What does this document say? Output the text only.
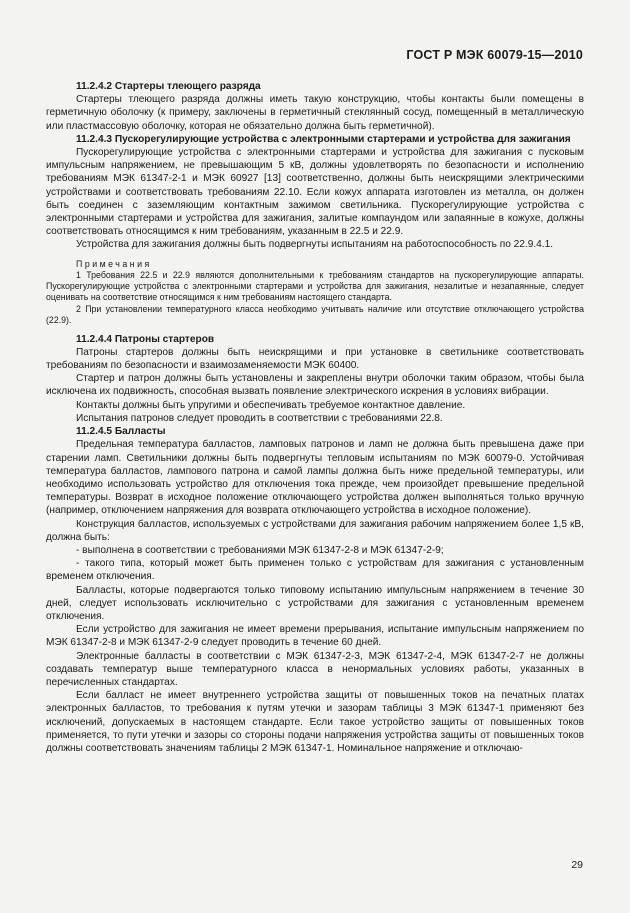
ГОСТ Р МЭК 60079-15—2010

11.2.4.2 Стартеры тлеющего разряда

Стартеры тлеющего разряда должны иметь такую конструкцию, чтобы контакты были помещены в герметичную оболочку (к примеру, заключены в герметичный стеклянный сосуд, помещенный в металлическую или пластмассовую оболочку, которая не обязательно должна быть герметичной).

11.2.4.3 Пускорегулирующие устройства с электронными стартерами и устройства для зажигания

Пускорегулирующие устройства с электронными стартерами и устройства для зажигания с пусковым импульсным напряжением, не превышающим 5 кВ, должны удовлетворять по безопасности и исполнению требованиям МЭК 61347-2-1 и МЭК 60927 [13] соответственно, должны быть неискрящими электрическими устройствами и соответствовать требованиям 22.10. Если кожух аппарата изготовлен из металла, он должен быть соединен с заземляющим контактным зажимом светильника. Пускорегулирующие устройства с электронными стартерами и устройства для зажигания, залитые компаундом или запаянные в кожухе, должны соответствовать относящимся к ним требованиям, указанным в 22.5 и 22.9.

Устройства для зажигания должны быть подвергнуты испытаниям на работоспособность по 22.9.4.1.

Примечания

1 Требования 22.5 и 22.9 являются дополнительными к требованиям стандартов на пускорегулирующие аппараты. Пускорегулирующие устройства с электронными стартерами и устройства для зажигания, незалитые и незапаянные, следует оценивать на соответствие относящимся к ним требованиям настоящего стандарта.

2 При установлении температурного класса необходимо учитывать наличие или отсутствие отключающего устройства (22.9).

11.2.4.4 Патроны стартеров

Патроны стартеров должны быть неискрящими и при установке в светильнике соответствовать требованиям по безопасности и взаимозаменяемости МЭК 60400.

Стартер и патрон должны быть установлены и закреплены внутри оболочки таким образом, чтобы была исключена их подвижность, способная вызвать появление электрического искрения в условиях вибрации.

Контакты должны быть упругими и обеспечивать требуемое контактное давление.

Испытания патронов следует проводить в соответствии с требованиями 22.8.

11.2.4.5 Балласты

Предельная температура балластов, ламповых патронов и ламп не должна быть превышена даже при старении ламп. Светильники должны быть подвергнуты тепловым испытаниям по МЭК 60079-0. Устойчивая температура балластов, лампового патрона и самой лампы должна быть ниже предельной температуры, или необходимо использовать устройство для отключения тока прежде, чем произойдет превышение предельной температуры. Возврат в исходное положение отключающего устройства должен выполняться только вручную (например, отключением напряжения для возврата отключающего устройства в исходное положение).

Конструкция балластов, используемых с устройствами для зажигания рабочим напряжением более 1,5 кВ, должна быть:

- выполнена в соответствии с требованиями МЭК 61347-2-8 и МЭК 61347-2-9;

- такого типа, который может быть применен только с устройствам для зажигания с установленным временем отключения.

Балласты, которые подвергаются только типовому испытанию импульсным напряжением в течение 30 дней, следует использовать исключительно с устройствами для зажигания с установленным временем отключения.

Если устройство для зажигания не имеет времени прерывания, испытание импульсным напряжением по МЭК 61347-2-8 и МЭК 61347-2-9 следует проводить в течение 60 дней.

Электронные балласты в соответствии с МЭК 61347-2-3, МЭК 61347-2-4, МЭК 61347-2-7 не должны создавать температур выше температурного класса в ненормальных условиях работы, указанных в перечисленных стандартах.

Если балласт не имеет внутреннего устройства защиты от повышенных токов на печатных платах электронных балластов, то требования к путям утечки и зазорам таблицы 3 МЭК 61347-1 применяют без исключений, допускаемых в настоящем стандарте. Если такое устройство защиты от повышенных токов применяется, то пути утечки и зазоры со стороны подачи напряжения устройства защиты от повышенных токов должны соответствовать значениям таблицы 2 МЭК 61347-1. Номинальное напряжение и отключаю-

29
